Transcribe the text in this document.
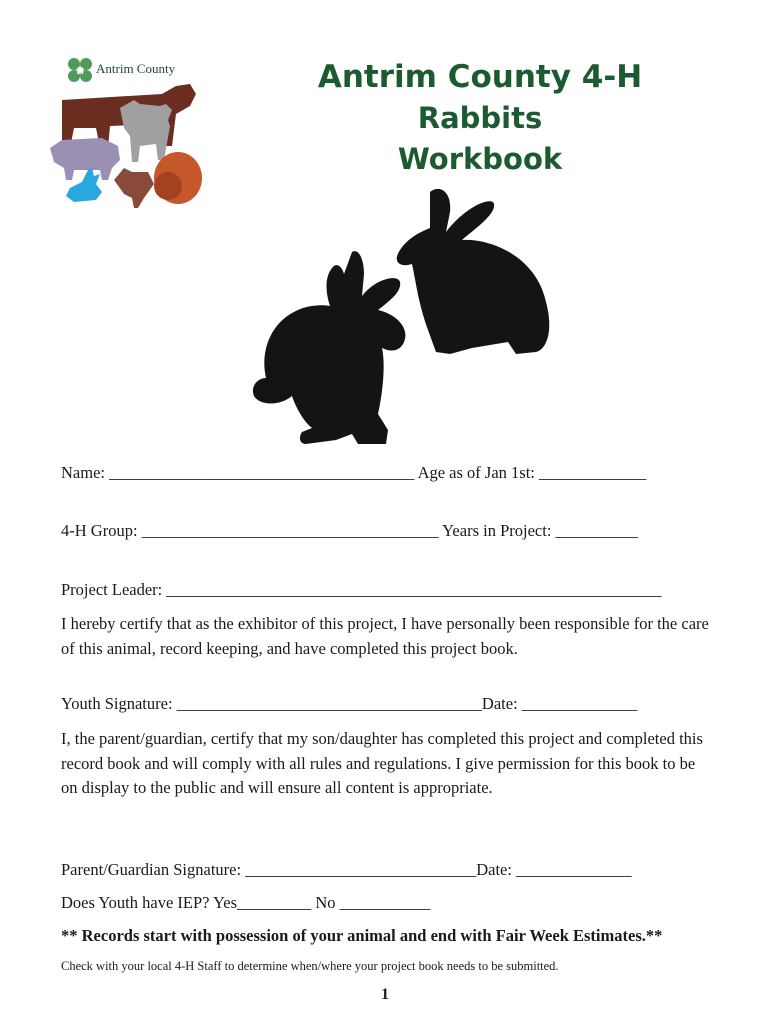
H Antrim County	Antrim County 4-H
Rabbits
Workbook
Name: _____________________________________ Age as of Jan 1st: _____________
4-H Group: ____________________________________ Years in Project: __________
Project Leader: ____________________________________________________________
I hereby certify that as the exhibitor of this project, I have personally been responsible for the care of this animal, record keeping, and have completed this project book.
Youth Signature: _____________________________________Date: ______________
I, the parent/guardian, certify that my son/daughter has completed this project and completed this record book and will comply with all rules and regulations. I give permission for this book to be on display to the public and will ensure all content is appropriate.
Parent/Guardian Signature: ____________________________Date: ______________
Does Youth have IEP? Yes_________ No ___________
** Records start with possession of your animal and end with Fair Week Estimates.**
Check with your local 4-H Staff to determine when/where your project book needs to be submitted.
1
